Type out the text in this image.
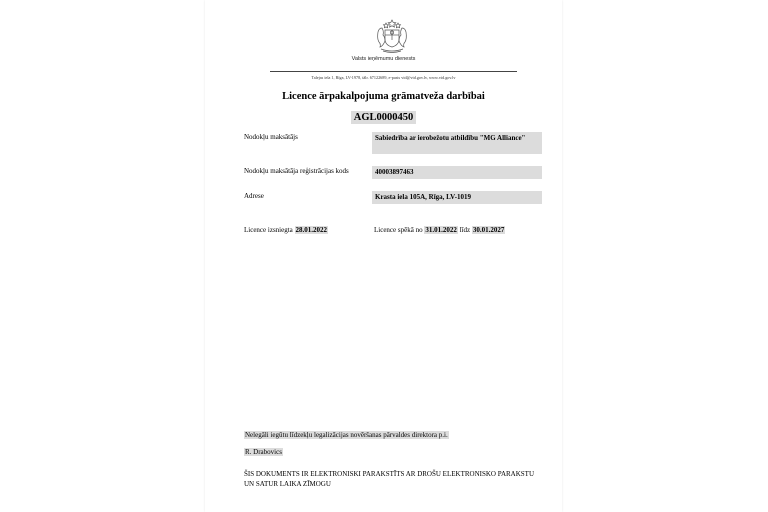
Valsts ieņēmumu dienests
Talejas iela 1, Rīga, LV-1978, tālr. 67122689, e-pasts vid@vid.gov.lv, www.vid.gov.lv
Licence ārpakalpojuma grāmatveža darbībai
AGL0000450
Nodokļu maksātājs	Sabiedrība ar ierobežotu atbildību "MG Alliance"
Nodokļu maksātāja reģistrācijas kods	40003897463
Adrese	Krasta iela 105A, Rīga, LV-1019
Licence izsniegta 28.01.2022	Licence spēkā no 31.01.2022 līdz 30.01.2027
Nelegāli iegūtu līdzekļu legalizācijas novēršanas pārvaldes direktora p.i.
R. Drabovics
ŠIS DOKUMENTS IR ELEKTRONISKI PARAKSTĪTS AR DROŠU ELEKTRONISKO PARAKSTU UN SATUR LAIKA ZĪMOGU
